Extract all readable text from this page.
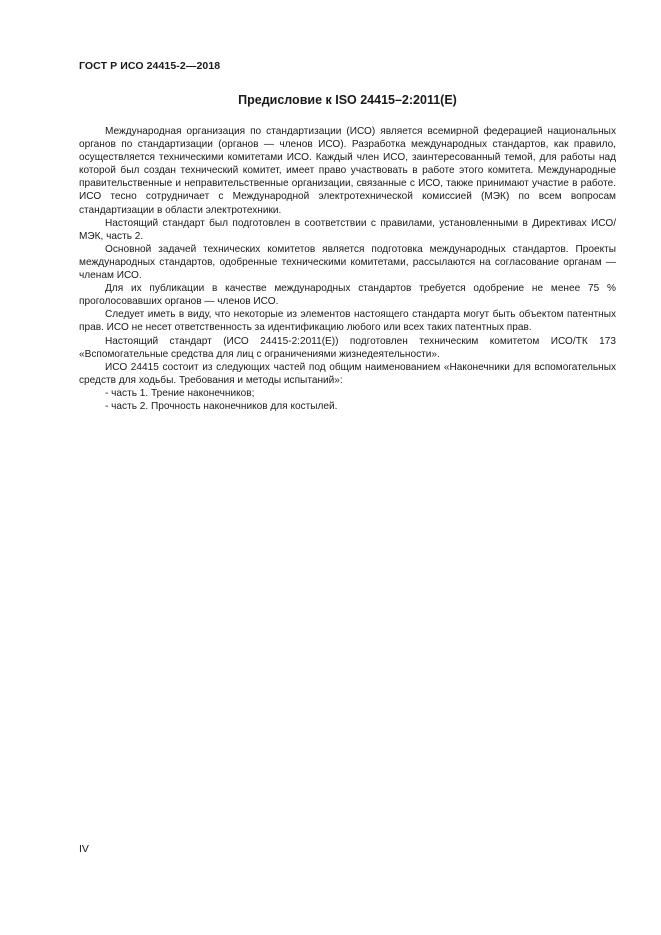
ГОСТ Р ИСО 24415-2—2018
Предисловие к ISO 24415–2:2011(E)

Международная организация по стандартизации (ИСО) является всемирной федерацией национальных органов по стандартизации (органов — членов ИСО). Разработка международных стандартов, как правило, осуществляется техническими комитетами ИСО. Каждый член ИСО, заинтересованный темой, для работы над которой был создан технический комитет, имеет право участвовать в работе этого комитета. Международные правительственные и неправительственные организации, связанные с ИСО, также принимают участие в работе. ИСО тесно сотрудничает с Международной электротехнической комиссией (МЭК) по всем вопросам стандартизации в области электротехники.

Настоящий стандарт был подготовлен в соответствии с правилами, установленными в Директивах ИСО/МЭК, часть 2.

Основной задачей технических комитетов является подготовка международных стандартов. Проекты международных стандартов, одобренные техническими комитетами, рассылаются на согласование органам — членам ИСО.

Для их публикации в качестве международных стандартов требуется одобрение не менее 75 % проголосовавших органов — членов ИСО.

Следует иметь в виду, что некоторые из элементов настоящего стандарта могут быть объектом патентных прав. ИСО не несет ответственность за идентификацию любого или всех таких патентных прав.

Настоящий стандарт (ИСО 24415-2:2011(E)) подготовлен техническим комитетом ИСО/ТК 173 «Вспомогательные средства для лиц с ограничениями жизнедеятельности».

ИСО 24415 состоит из следующих частей под общим наименованием «Наконечники для вспомогательных средств для ходьбы. Требования и методы испытаний»:

- часть 1. Трение наконечников;
- часть 2. Прочность наконечников для костылей.
IV
